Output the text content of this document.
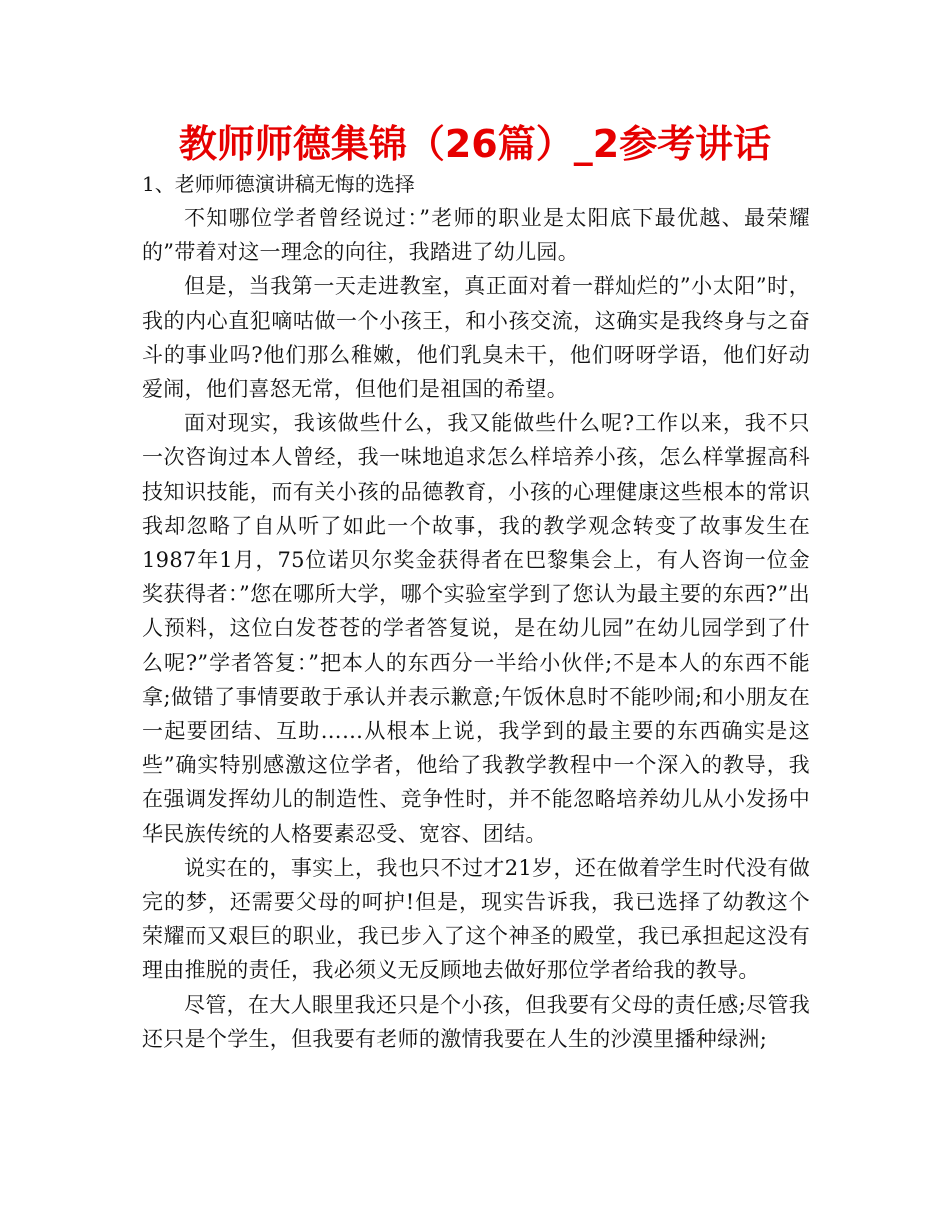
教师师德集锦（26篇）_2参考讲话

1、老师师德演讲稿无悔的选择

不知哪位学者曾经说过：”老师的职业是太阳底下最优越、最荣耀的”带着对这一理念的向往，我踏进了幼儿园。

但是，当我第一天走进教室，真正面对着一群灿烂的”小太阳”时，我的内心直犯嘀咕做一个小孩王，和小孩交流，这确实是我终身与之奋斗的事业吗?他们那么稚嫩，他们乳臭未干，他们呀呀学语，他们好动爱闹，他们喜怒无常，但他们是祖国的希望。

面对现实，我该做些什么，我又能做些什么呢?工作以来，我不只一次咨询过本人曾经，我一味地追求怎么样培养小孩，怎么样掌握高科技知识技能，而有关小孩的品德教育，小孩的心理健康这些根本的常识我却忽略了自从听了如此一个故事，我的教学观念转变了故事发生在1987年1月，75位诺贝尔奖金获得者在巴黎集会上，有人咨询一位金奖获得者：”您在哪所大学，哪个实验室学到了您认为最主要的东西?”出人预料，这位白发苍苍的学者答复说，是在幼儿园”在幼儿园学到了什么呢?”学者答复：”把本人的东西分一半给小伙伴;不是本人的东西不能拿;做错了事情要敢于承认并表示歉意;午饭休息时不能吵闹;和小朋友在一起要团结、互助……从根本上说，我学到的最主要的东西确实是这些”确实特别感激这位学者，他给了我教学教程中一个深入的教导，我在强调发挥幼儿的制造性、竞争性时，并不能忽略培养幼儿从小发扬中华民族传统的人格要素忍受、宽容、团结。

说实在的，事实上，我也只不过才21岁，还在做着学生时代没有做完的梦，还需要父母的呵护!但是，现实告诉我，我已选择了幼教这个荣耀而又艰巨的职业，我已步入了这个神圣的殿堂，我已承担起这没有理由推脱的责任，我必须义无反顾地去做好那位学者给我的教导。

尽管，在大人眼里我还只是个小孩，但我要有父母的责任感;尽管我还只是个学生，但我要有老师的激情我要在人生的沙漠里播种绿洲;
